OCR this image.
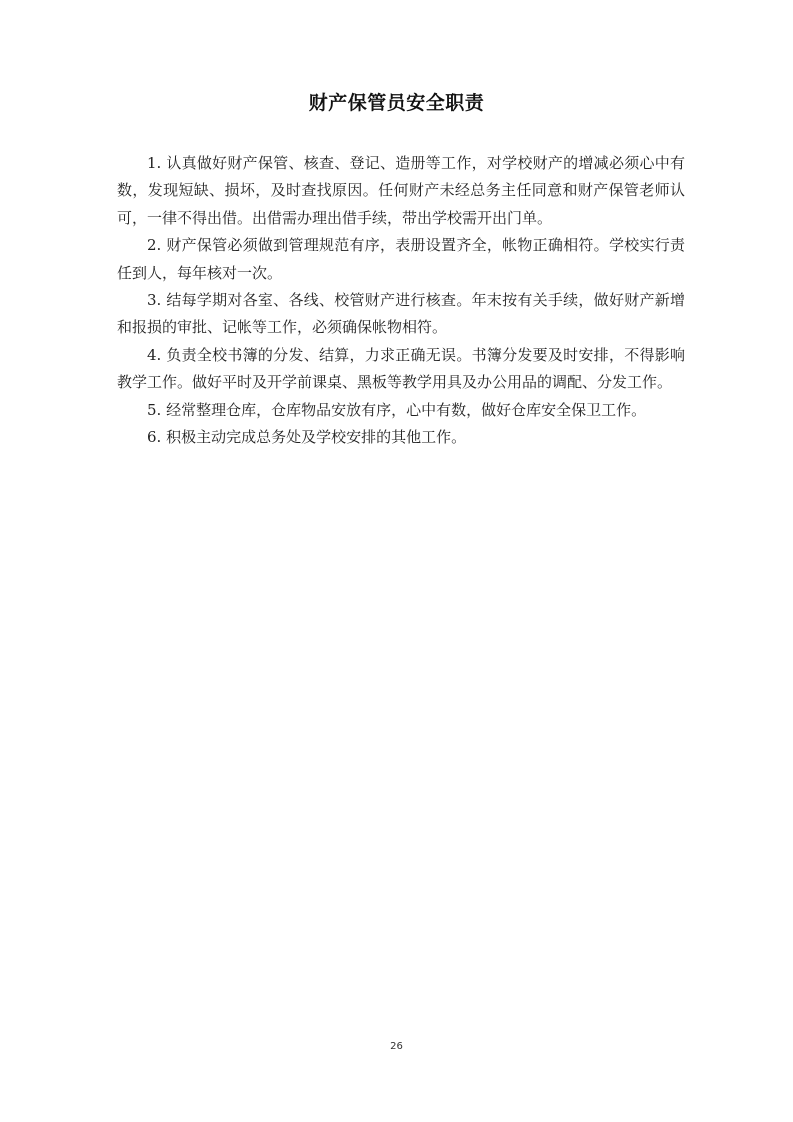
财产保管员安全职责

1. 认真做好财产保管、核查、登记、造册等工作，对学校财产的增减必须心中有数，发现短缺、损坏，及时查找原因。任何财产未经总务主任同意和财产保管老师认可，一律不得出借。出借需办理出借手续，带出学校需开出门单。

2. 财产保管必须做到管理规范有序，表册设置齐全，帐物正确相符。学校实行责任到人，每年核对一次。

3. 结每学期对各室、各线、校管财产进行核查。年末按有关手续，做好财产新增和报损的审批、记帐等工作，必须确保帐物相符。

4. 负责全校书簿的分发、结算，力求正确无误。书簿分发要及时安排，不得影响教学工作。做好平时及开学前课桌、黑板等教学用具及办公用品的调配、分发工作。

5. 经常整理仓库，仓库物品安放有序，心中有数，做好仓库安全保卫工作。

6. 积极主动完成总务处及学校安排的其他工作。

26
